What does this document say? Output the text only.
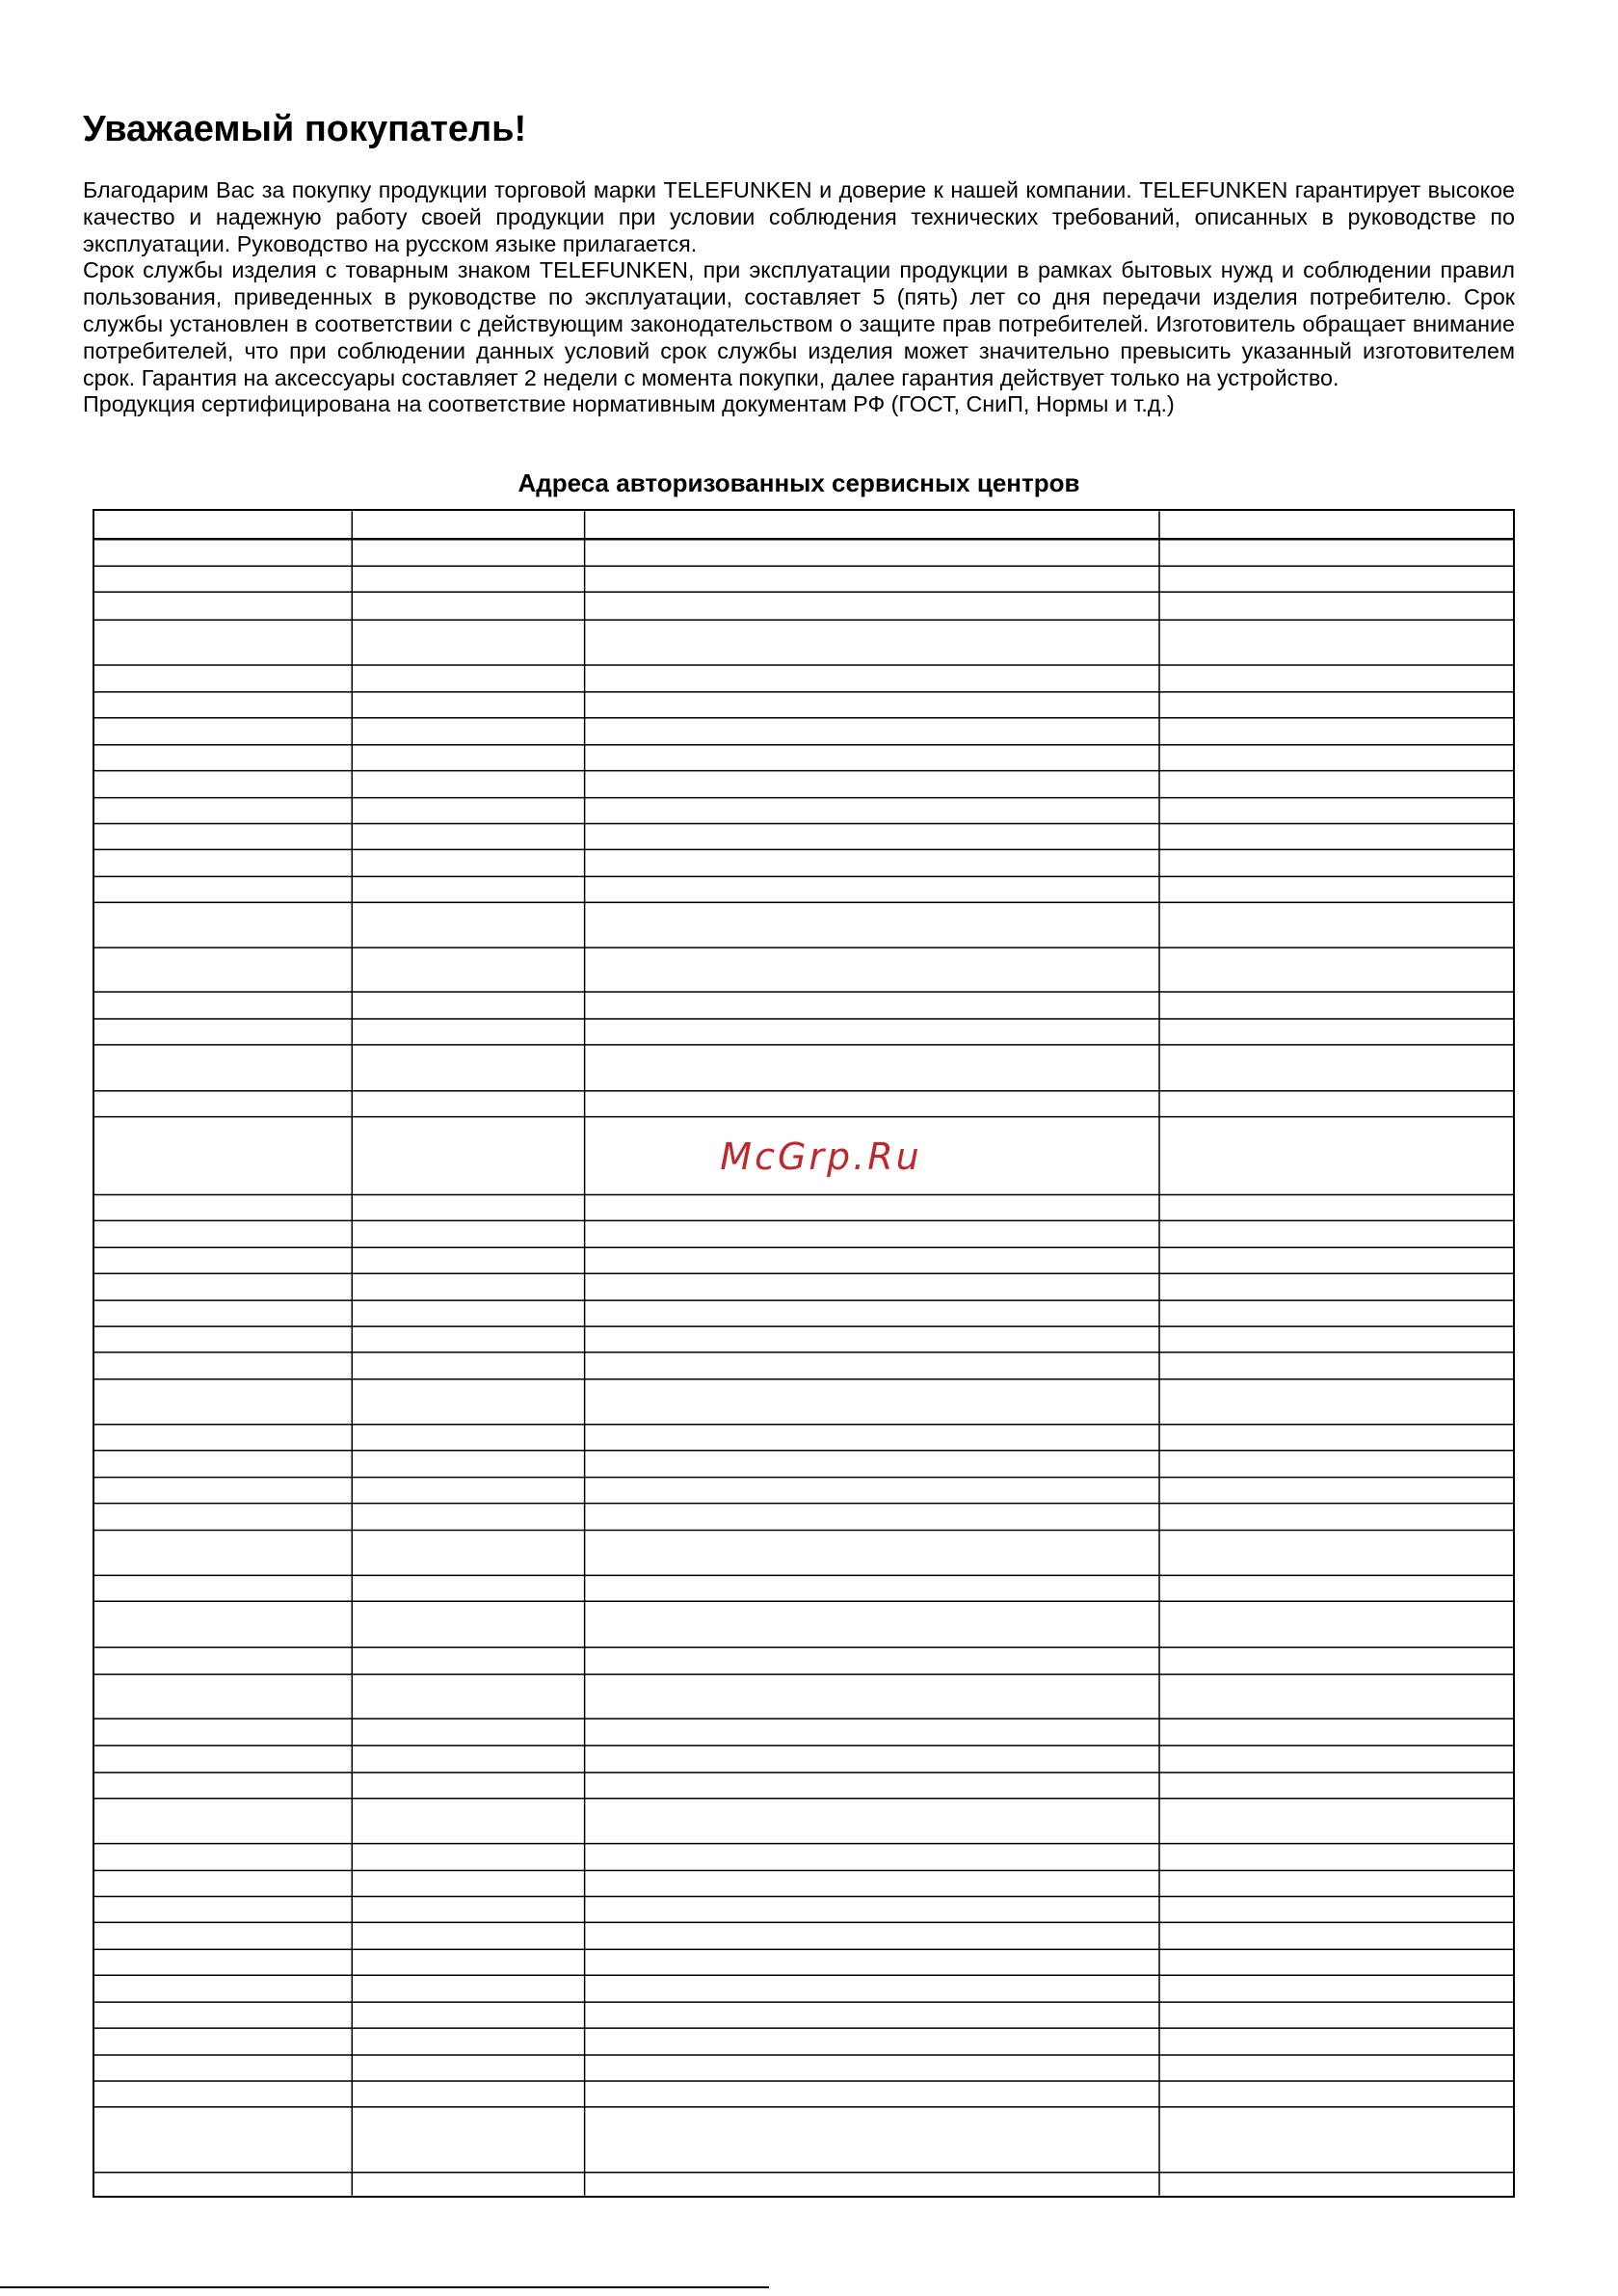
Уважаемый покупатель!

Благодарим Вас за покупку продукции торговой марки TELEFUNKEN и доверие к нашей компании. TELEFUNKEN гарантирует высокое качество и надежную работу своей продукции при условии соблюдения технических требований, описанных в руководстве по эксплуатации. Руководство на русском языке прилагается.

Срок службы изделия с товарным знаком TELEFUNKEN, при эксплуатации продукции в рамках бытовых нужд и соблюдении правил пользования, приведенных в руководстве по эксплуатации, составляет 5 (пять) лет со дня передачи изделия потребителю. Срок службы установлен в соответствии с действующим законодательством о защите прав потребителей. Изготовитель обращает внимание потребителей, что при соблюдении данных условий срок службы изделия может значительно превысить указанный изготовителем срок. Гарантия на аксессуары составляет 2 недели с момента покупки, далее гарантия действует только на устройство.

Продукция сертифицирована на соответствие нормативным документам РФ (ГОСТ, СниП, Нормы и т.д.)

Адреса авторизованных сервисных центров
McGrp.Ru
